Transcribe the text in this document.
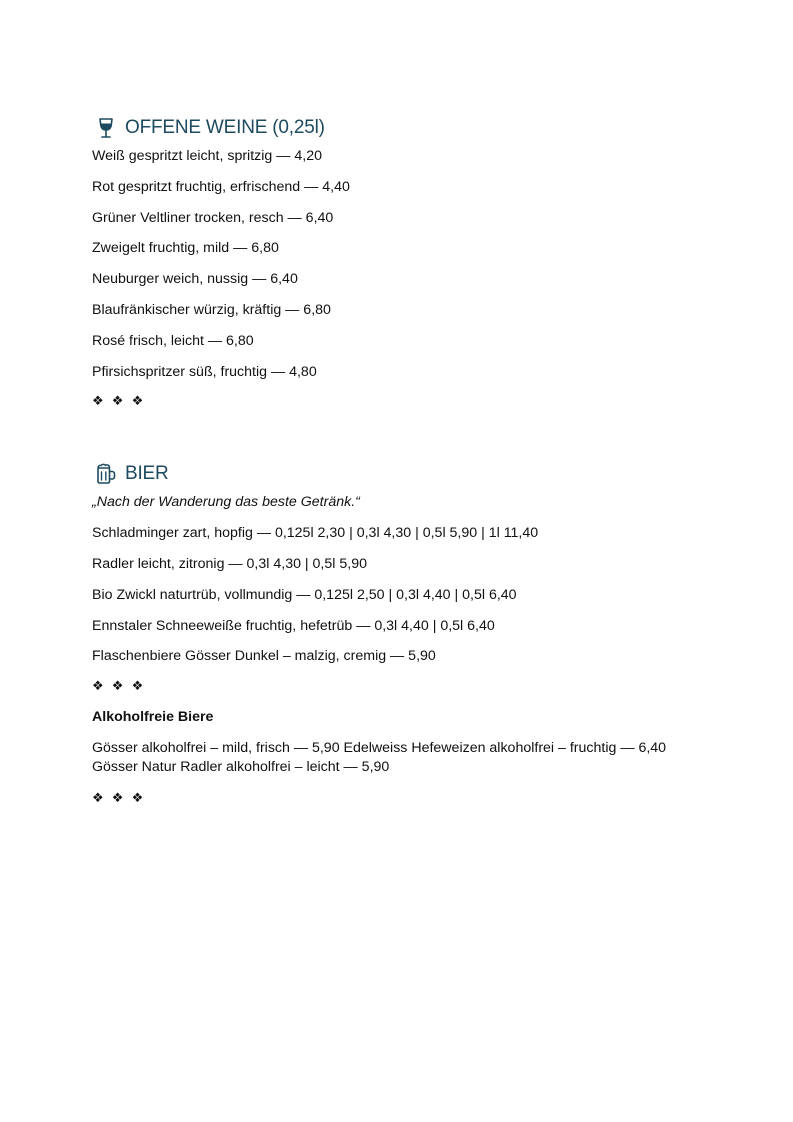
OFFENE WEINE (0,25l)
Weiß gespritzt leicht, spritzig — 4,20
Rot gespritzt fruchtig, erfrischend — 4,40
Grüner Veltliner trocken, resch — 6,40
Zweigelt fruchtig, mild — 6,80
Neuburger weich, nussig — 6,40
Blaufränkischer würzig, kräftig — 6,80
Rosé frisch, leicht — 6,80
Pfirsichspritzer süß, fruchtig — 4,80
❖ ❖ ❖
BIER
„Nach der Wanderung das beste Getränk.“
Schladminger zart, hopfig — 0,125l 2,30 | 0,3l 4,30 | 0,5l 5,90 | 1l 11,40
Radler leicht, zitronig — 0,3l 4,30 | 0,5l 5,90
Bio Zwickl naturtrüb, vollmundig — 0,125l 2,50 | 0,3l 4,40 | 0,5l 6,40
Ennstaler Schneeweiße fruchtig, hefetrüb — 0,3l 4,40 | 0,5l 6,40
Flaschenbiere Gösser Dunkel – malzig, cremig — 5,90
❖ ❖ ❖
Alkoholfreie Biere
Gösser alkoholfrei – mild, frisch — 5,90 Edelweiss Hefeweizen alkoholfrei – fruchtig — 6,40
Gösser Natur Radler alkoholfrei – leicht — 5,90
❖ ❖ ❖
